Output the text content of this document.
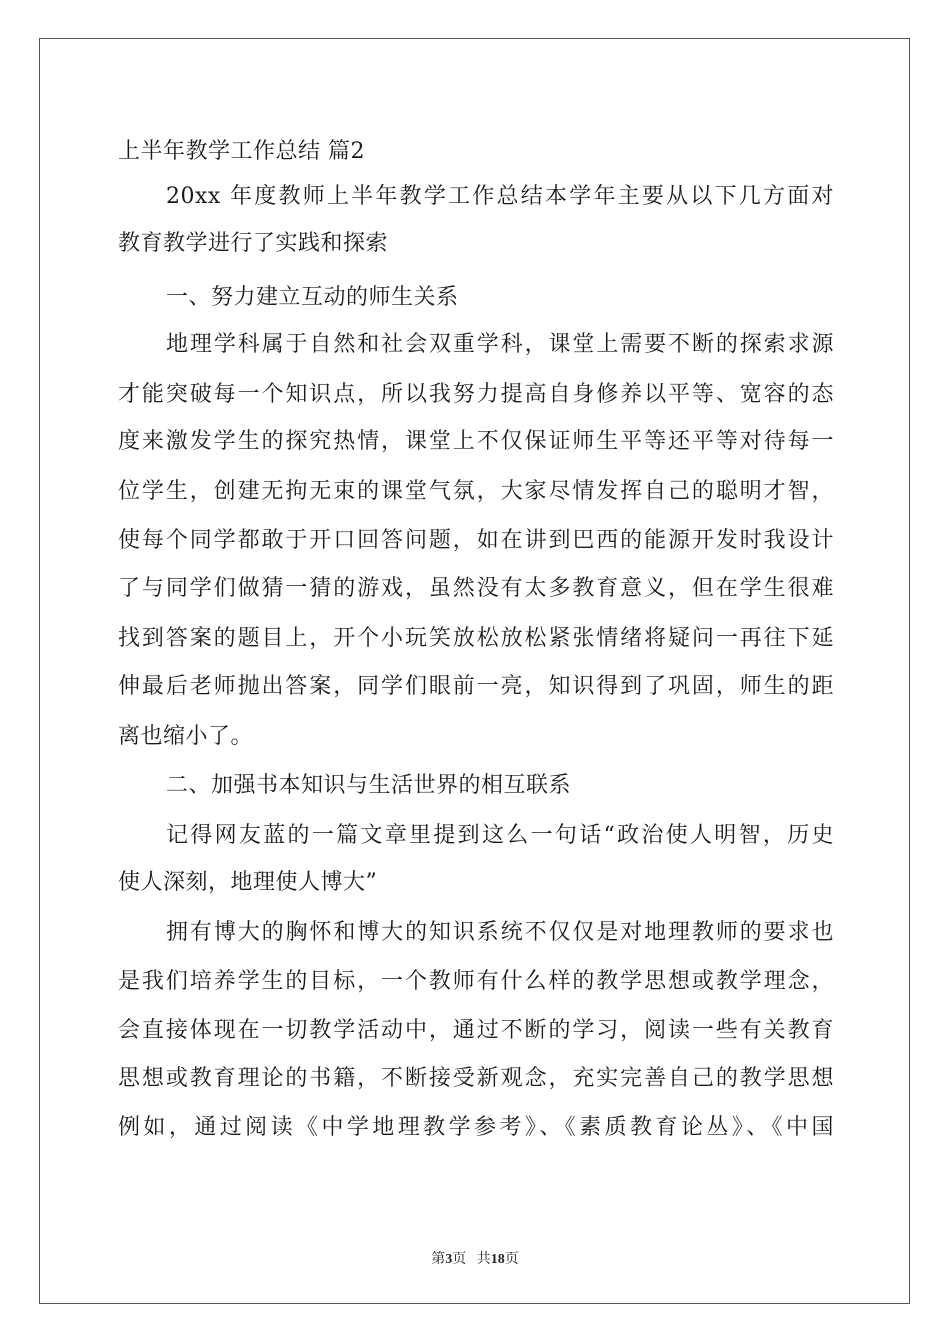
上半年教学工作总结 篇2
20xx 年度教师上半年教学工作总结本学年主要从以下几方面对
教育教学进行了实践和探索
一、努力建立互动的师生关系
地理学科属于自然和社会双重学科，课堂上需要不断的探索求源
才能突破每一个知识点，所以我努力提高自身修养以平等、宽容的态
度来激发学生的探究热情，课堂上不仅保证师生平等还平等对待每一
位学生，创建无拘无束的课堂气氛，大家尽情发挥自己的聪明才智，
使每个同学都敢于开口回答问题，如在讲到巴西的能源开发时我设计
了与同学们做猜一猜的游戏，虽然没有太多教育意义，但在学生很难
找到答案的题目上，开个小玩笑放松放松紧张情绪将疑问一再往下延
伸最后老师抛出答案，同学们眼前一亮，知识得到了巩固，师生的距
离也缩小了。
二、加强书本知识与生活世界的相互联系
记得网友蓝的一篇文章里提到这么一句话“政治使人明智，历史
使人深刻，地理使人博大”
拥有博大的胸怀和博大的知识系统不仅仅是对地理教师的要求也
是我们培养学生的目标，一个教师有什么样的教学思想或教学理念，
会直接体现在一切教学活动中，通过不断的学习，阅读一些有关教育
思想或教育理论的书籍，不断接受新观念，充实完善自己的教学思想
例如，通过阅读《中学地理教学参考》、《素质教育论丛》、《中国
第3页 共18页
